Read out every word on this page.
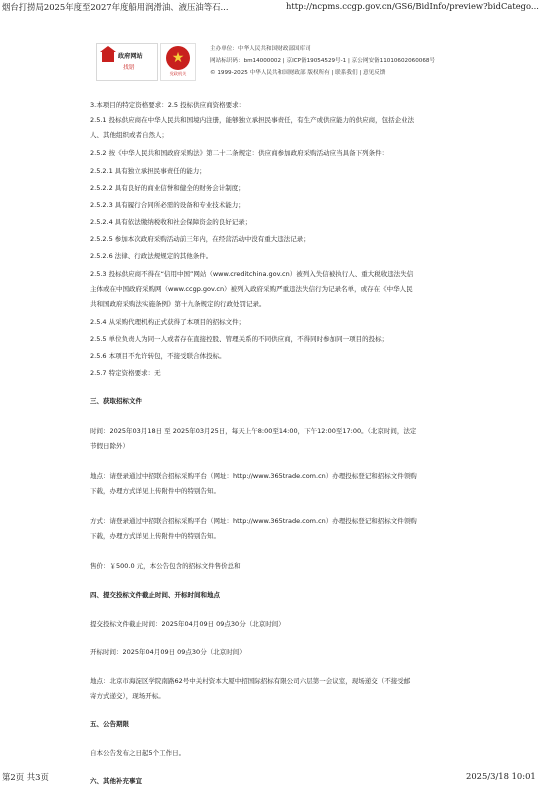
烟台打捞局2025年度至2027年度船用润滑油、液压油等石...	http://ncpms.ccgp.gov.cn/GS6/BidInfo/preview?bidCatego...
政府网站
找错
★
党政机关
主办单位：中华人民共和国财政部国库司
网站标识码：bm14000002 | 京ICP备19054529号-1 | 京公网安备11010602060068号
© 1999-2025 中华人民共和国财政部 版权所有 | 联系我们 | 意见反馈
3.本项目的特定资格要求：2.5 投标供应商资格要求：
2.5.1 投标供应商在中华人民共和国境内注册，能够独立承担民事责任，有生产或供应能力的供应商，包括企业法
人、其他组织或者自然人；
2.5.2 按《中华人民共和国政府采购法》第二十二条规定：供应商参加政府采购活动应当具备下列条件：
2.5.2.1 具有独立承担民事责任的能力；
2.5.2.2 具有良好的商业信誉和健全的财务会计制度；
2.5.2.3 具有履行合同所必需的设备和专业技术能力；
2.5.2.4 具有依法缴纳税收和社会保障资金的良好记录；
2.5.2.5 参加本次政府采购活动前三年内，在经营活动中没有重大违法记录；
2.5.2.6 法律、行政法规规定的其他条件。
2.5.3 投标供应商不得在“信用中国”网站（www.creditchina.gov.cn）被列入失信被执行人、重大税收违法失信
主体或在中国政府采购网（www.ccgp.gov.cn）被列入政府采购严重违法失信行为记录名单，或存在《中华人民
共和国政府采购法实施条例》第十九条规定的行政处罚记录。
2.5.4 从采购代理机构正式获得了本项目的招标文件；
2.5.5 单位负责人为同一人或者存在直接控股、管理关系的不同供应商，不得同时参加同一项目的投标；
2.5.6 本项目不允许转包，不接受联合体投标。
2.5.7 特定资格要求：无
三、获取招标文件
时间：2025年03月18日 至 2025年03月25日，每天上午8:00至14:00，下午12:00至17:00。（北京时间，法定
节假日除外）
地点：请登录通过中招联合招标采购平台（网址：http://www.365trade.com.cn）办理投标登记和招标文件领购
下载，办理方式详见上传附件中的特别告知。
方式：请登录通过中招联合招标采购平台（网址：http://www.365trade.com.cn）办理投标登记和招标文件领购
下载，办理方式详见上传附件中的特别告知。
售价：￥500.0 元，本公告包含的招标文件售价总和
四、提交投标文件截止时间、开标时间和地点
提交投标文件截止时间：2025年04月09日 09点30分（北京时间）
开标时间：2025年04月09日 09点30分（北京时间）
地点：北京市海淀区学院南路62号中关村资本大厦中招国际招标有限公司六层第一会议室，现场递交（不接受邮
寄方式递交），现场开标。
五、公告期限
自本公告发布之日起5个工作日。
六、其他补充事宜
第2页 共3页	2025/3/18 10:01
